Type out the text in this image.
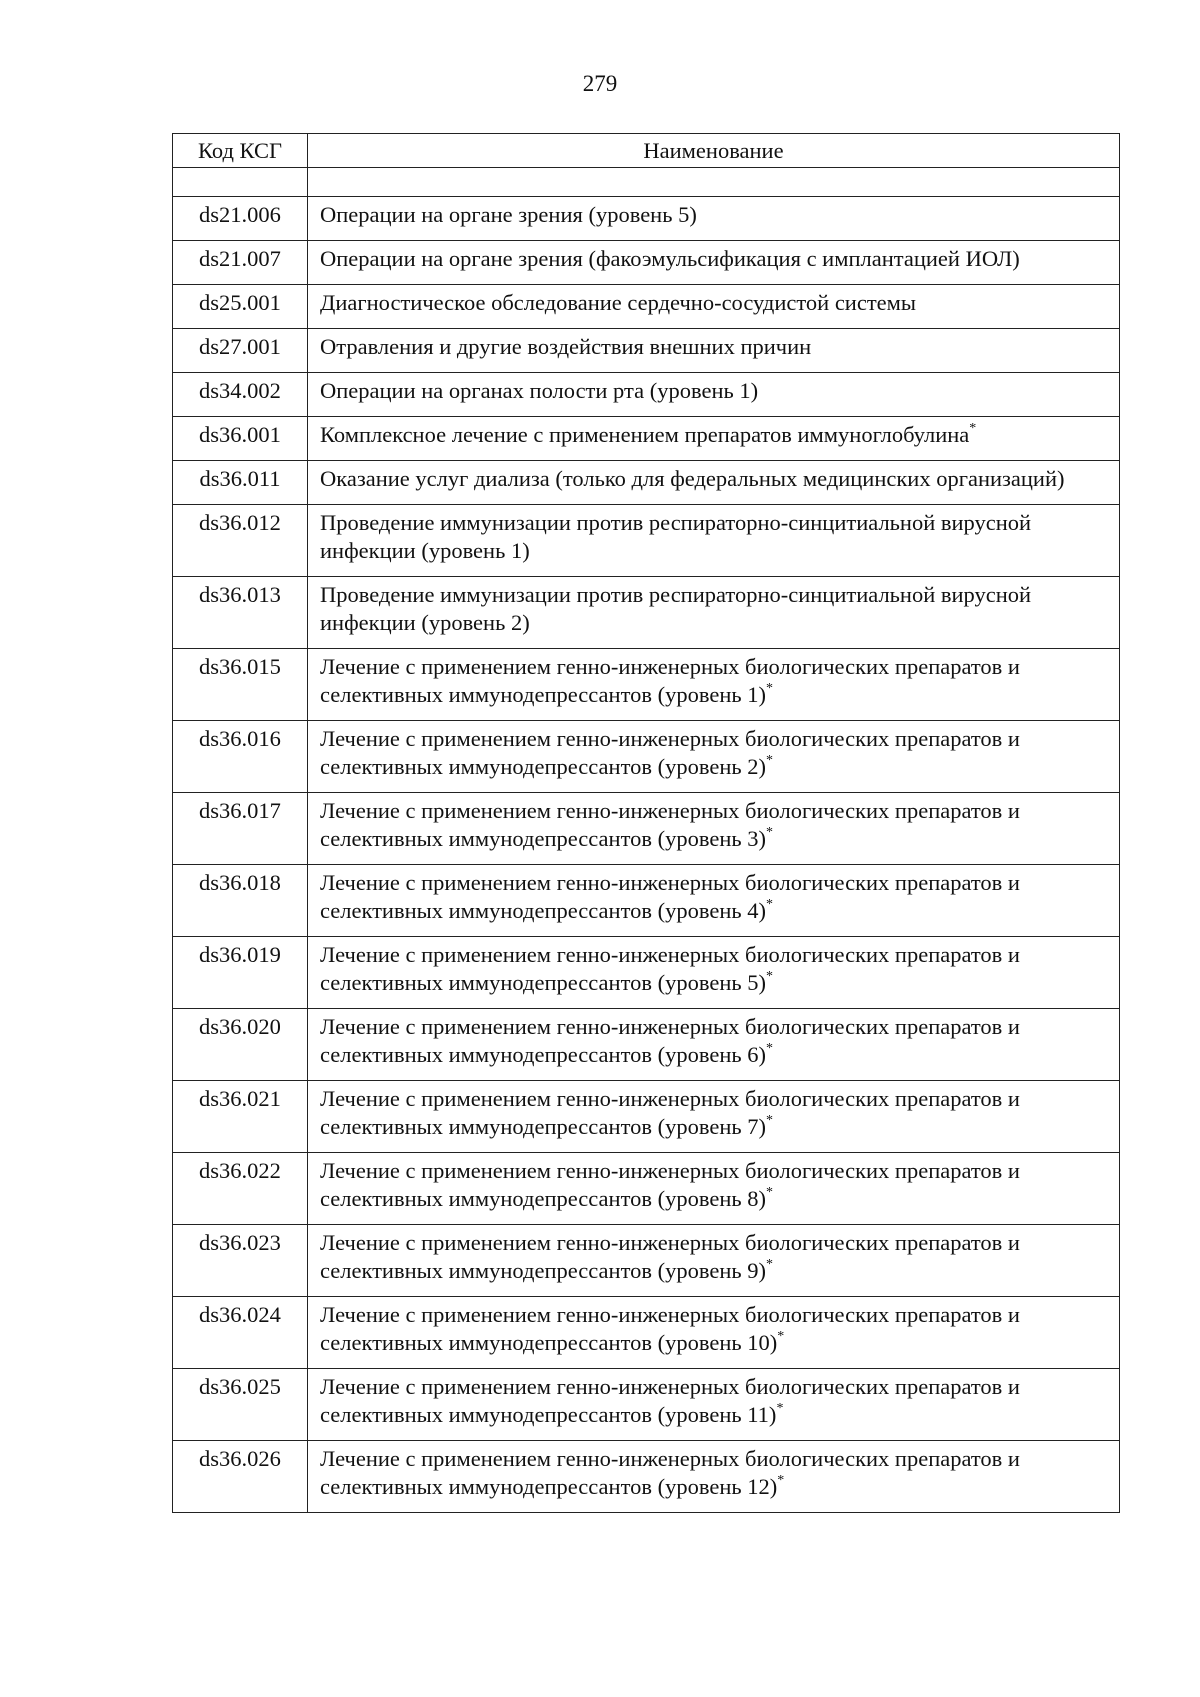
279
Код КСГ	Наименование

ds21.006	Операции на органе зрения (уровень 5)
ds21.007	Операции на органе зрения (факоэмульсификация с имплантацией ИОЛ)
ds25.001	Диагностическое обследование сердечно-сосудистой системы
ds27.001	Отравления и другие воздействия внешних причин
ds34.002	Операции на органах полости рта (уровень 1)
ds36.001	Комплексное лечение с применением препаратов иммуноглобулина*
ds36.011	Оказание услуг диализа (только для федеральных медицинских организаций)
ds36.012	Проведение иммунизации против респираторно-синцитиальной вирусной инфекции (уровень 1)
ds36.013	Проведение иммунизации против респираторно-синцитиальной вирусной инфекции (уровень 2)
ds36.015	Лечение с применением генно-инженерных биологических препаратов и селективных иммунодепрессантов (уровень 1)*
ds36.016	Лечение с применением генно-инженерных биологических препаратов и селективных иммунодепрессантов (уровень 2)*
ds36.017	Лечение с применением генно-инженерных биологических препаратов и селективных иммунодепрессантов (уровень 3)*
ds36.018	Лечение с применением генно-инженерных биологических препаратов и селективных иммунодепрессантов (уровень 4)*
ds36.019	Лечение с применением генно-инженерных биологических препаратов и селективных иммунодепрессантов (уровень 5)*
ds36.020	Лечение с применением генно-инженерных биологических препаратов и селективных иммунодепрессантов (уровень 6)*
ds36.021	Лечение с применением генно-инженерных биологических препаратов и селективных иммунодепрессантов (уровень 7)*
ds36.022	Лечение с применением генно-инженерных биологических препаратов и селективных иммунодепрессантов (уровень 8)*
ds36.023	Лечение с применением генно-инженерных биологических препаратов и селективных иммунодепрессантов (уровень 9)*
ds36.024	Лечение с применением генно-инженерных биологических препаратов и селективных иммунодепрессантов (уровень 10)*
ds36.025	Лечение с применением генно-инженерных биологических препаратов и селективных иммунодепрессантов (уровень 11)*
ds36.026	Лечение с применением генно-инженерных биологических препаратов и селективных иммунодепрессантов (уровень 12)*
